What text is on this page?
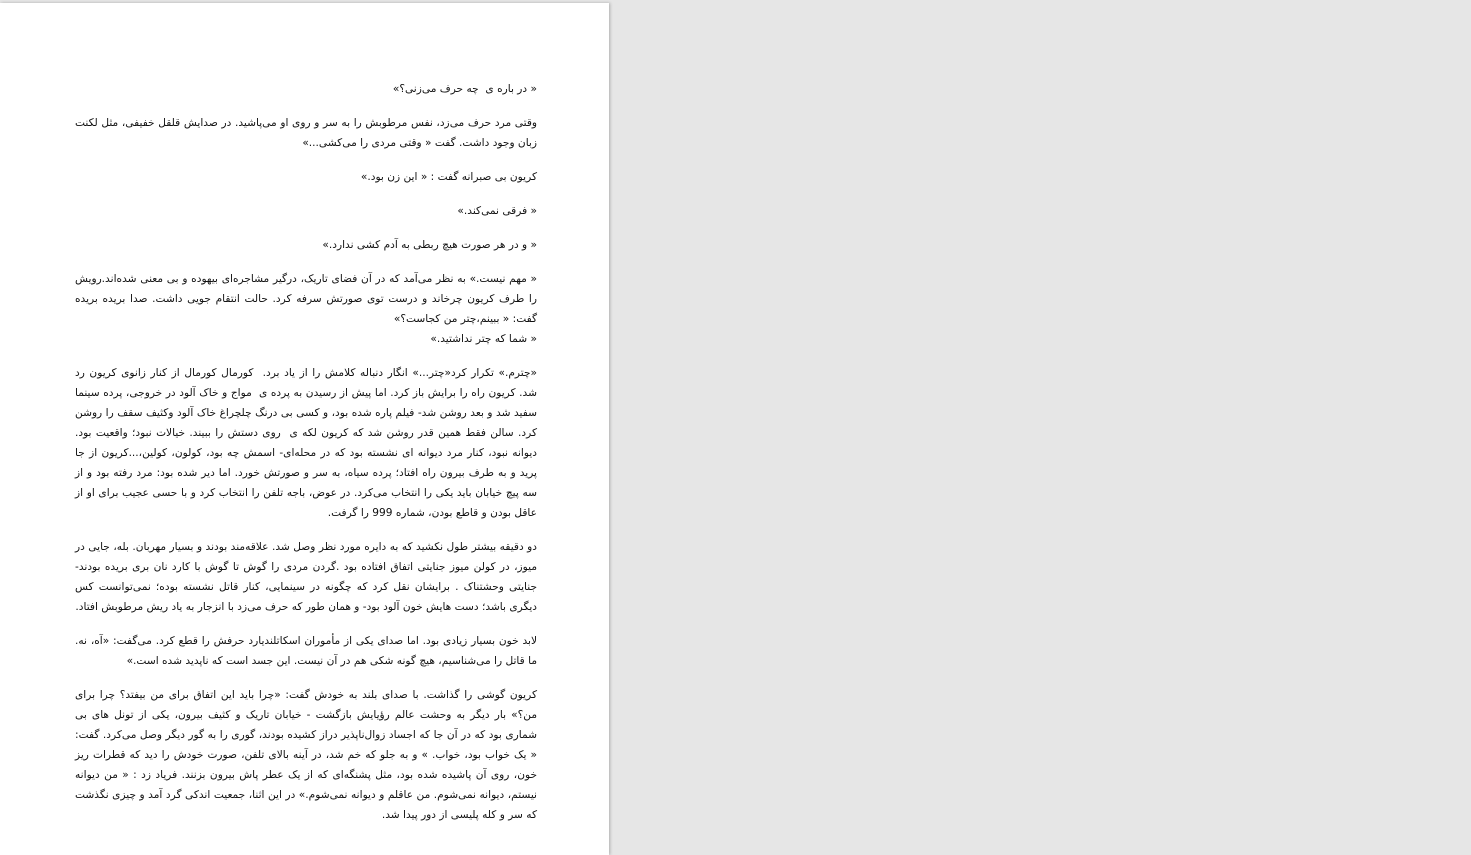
« در باره ی  چه حرف می‌زنی؟»

وقتی مرد حرف می‌زد، نفس مرطوبش را به سر و روی او می‌پاشید. در صدایش قلقل خفیفی، مثل لکنت زبان وجود داشت. گفت « وقتی مردی را می‌کشی...»

کریون بی صبرانه گفت : « این زن بود.»

« فرقی نمی‌کند.»

« و در هر صورت هیچ ربطی به آدم کشی ندارد.»

« مهم نیست.» به نظر می‌آمد که در آن فضای تاریک، درگیر مشاجره‌ای بیهوده و بی معنی شده‌اند.رویش را طرف کریون چرخاند و درست توی صورتش سرفه کرد. حالت انتقام جویی داشت. صدا بریده بریده گفت: « ببینم،چتر من کجاست؟»

« شما که چتر نداشتید.»

«چترم.» تکرار کرد«چتر...» انگار دنباله کلامش را از یاد برد.  کورمال کورمال از کنار زانوی کریون رد شد. کریون راه را برایش باز کرد. اما پیش از رسیدن به پرده ی  مواج و خاک آلود در خروجی، پرده سینما سفید شد و بعد روشن شد- فیلم پاره شده بود، و کسی بی درنگ چلچراغ خاک آلود وکثیف سقف را روشن کرد. سالن فقط همین قدر روشن شد که کریون لکه ی  روی دستش را ببیند. خیالات نبود؛ واقعیت بود. دیوانه نبود، کنار مرد دیوانه ای نشسته بود که در محله‌ای- اسمش چه بود، کولون، کولین،...کریون از جا پرید و به طرف بیرون راه افتاد؛ پرده سیاه، به سر و صورتش خورد. اما دیر شده بود: مرد رفته بود و از سه پیچ خیابان باید یکی را انتخاب می‌کرد. در عوض، باجه تلفن را انتخاب کرد و با حسی عجیب برای او از عاقل بودن و قاطع بودن، شماره 999 را گرفت.

دو دقیقه بیشتر طول نکشید که به دایره مورد نظر وصل شد. علاقه‌مند بودند و بسیار مهربان. بله، جایی در میوز، در کولن میوز جنایتی اتفاق افتاده بود .گردن مردی را گوش تا گوش با کارد نان بری بریده بودند- جنایتی وحشتناک . برایشان نقل کرد که چگونه در سینمایی، کنار قاتل نشسته بوده؛ نمی‌توانست کس دیگری باشد؛ دست هایش خون آلود بود- و همان طور که حرف می‌زد با انزجار به یاد ریش مرطوبش افتاد.

لابد خون بسیار زیادی بود. اما صدای یکی از مأموران اسکاتلندیارد حرفش را قطع کرد. می‌گفت: «آه، نه. ما قاتل را می‌شناسیم، هیچ گونه شکی هم در آن نیست. این جسد است که ناپدید شده است.»

کریون گوشی را گذاشت. با صدای بلند به خودش گفت: «چرا باید این اتفاق برای من بیفتد؟ چرا برای من؟» بار دیگر به وحشت عالم رؤیایش بازگشت - خیابان تاریک و کثیف بیرون، یکی از تونل های بی شماری بود که در آن جا که اجساد زوال‌ناپذیر دراز کشیده بودند، گوری را به گور دیگر وصل می‌کرد. گفت: « یک خواب بود، خواب. » و به جلو که خم شد، در آینه بالای تلفن، صورت خودش را دید که قطرات ریز خون، روی آن پاشیده شده بود، مثل پشنگه‌ای که از یک عطر پاش بیرون بزنند. فریاد زد : « من دیوانه نیستم، دیوانه نمی‌شوم. من عاقلم و دیوانه نمی‌شوم.» در این اثنا، جمعیت اندکی گرد آمد و چیزی نگذشت که سر و کله پلیسی از دور پیدا شد.
